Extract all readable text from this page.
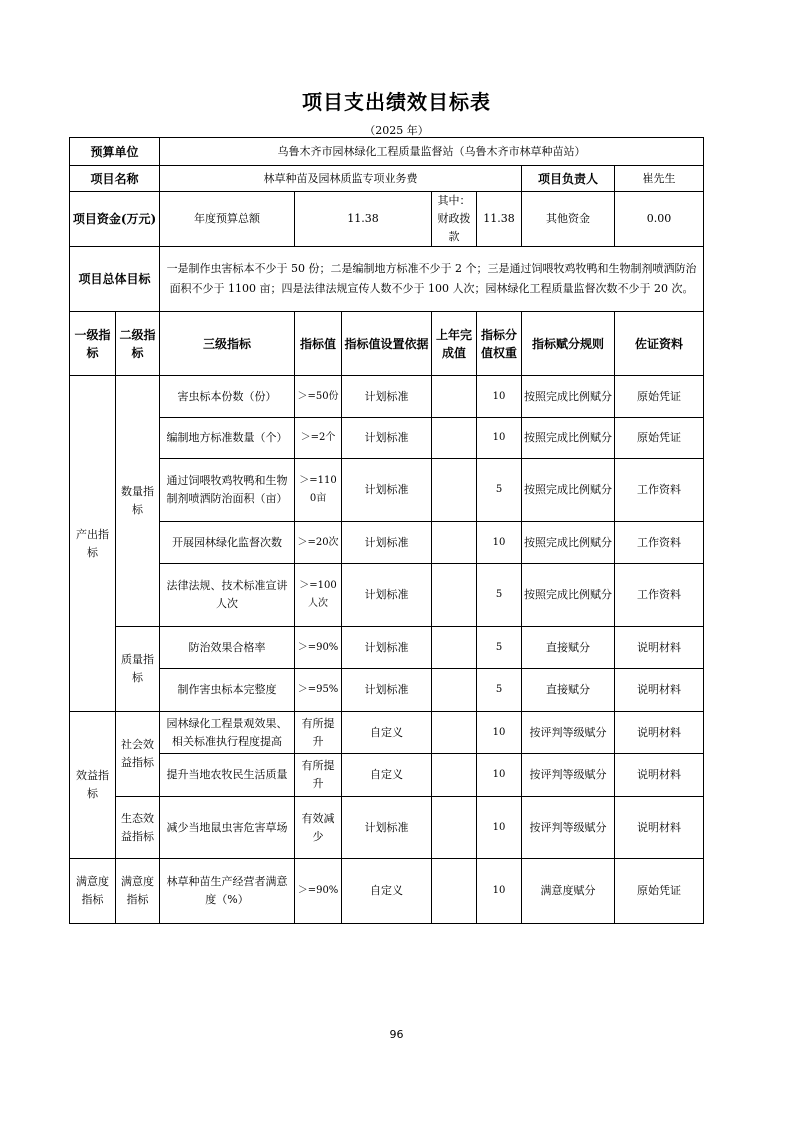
项目支出绩效目标表
（2025 年）
预算单位		乌鲁木齐市园林绿化工程质量监督站（乌鲁木齐市林草种苗站）						
项目名称		林草种苗及园林质监专项业务费					项目负责人	崔先生
项目资金(万元)		年度预算总额	11.38		其中：财政拨款	11.38	其他资金	0.00
项目总体目标		一是制作虫害标本不少于 50 份；二是编制地方标准不少于 2 个；三是通过饲喂牧鸡牧鸭和生物制剂喷洒防治面积不少于 1100 亩；四是法律法规宣传人数不少于 100 人次；园林绿化工程质量监督次数不少于 20 次。						
一级指标	二级指标	三级指标	指标值	指标值设置依据	上年完成值	指标分值权重	指标赋分规则	佐证资料
产出指标	数量指标	害虫标本份数（份）	＞=50份	计划标准		10	按照完成比例赋分	原始凭证
		编制地方标准数量（个）	＞=2个	计划标准		10	按照完成比例赋分	原始凭证
		通过饲喂牧鸡牧鸭和生物制剂喷洒防治面积（亩）	＞=1100亩	计划标准		5	按照完成比例赋分	工作资料
		开展园林绿化监督次数	＞=20次	计划标准		10	按照完成比例赋分	工作资料
		法律法规、技术标准宣讲人次	＞=100人次	计划标准		5	按照完成比例赋分	工作资料
	质量指标	防治效果合格率	＞=90%	计划标准		5	直接赋分	说明材料
		制作害虫标本完整度	＞=95%	计划标准		5	直接赋分	说明材料
效益指标	社会效益指标	园林绿化工程景观效果、相关标准执行程度提高	有所提升	自定义		10	按评判等级赋分	说明材料
		提升当地农牧民生活质量	有所提升	自定义		10	按评判等级赋分	说明材料
	生态效益指标	减少当地鼠虫害危害草场	有效减少	计划标准		10	按评判等级赋分	说明材料
满意度指标	满意度指标	林草种苗生产经营者满意度（%）	＞=90%	自定义		10	满意度赋分	原始凭证
96
